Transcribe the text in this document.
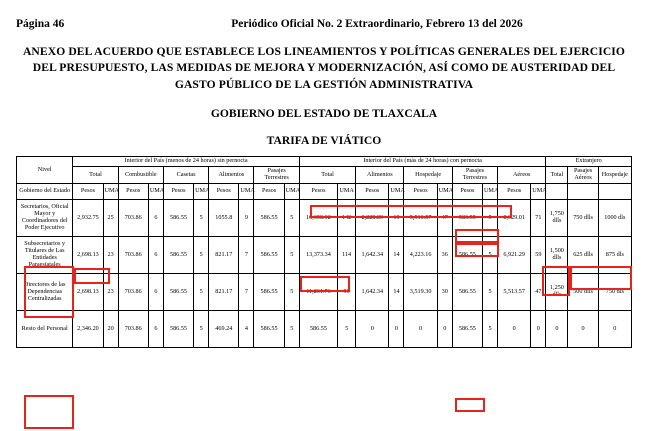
Página 46	Periódico Oficial No. 2 Extraordinario, Febrero 13 del 2026
ANEXO DEL ACUERDO QUE ESTABLECE LOS LINEAMIENTOS Y POLÍTICAS GENERALES DEL EJERCICIO DEL PRESUPUESTO, LAS MEDIDAS DE MEJORA Y MODERNIZACIÓN, ASÍ COMO DE AUSTERIDAD DEL GASTO PÚBLICO DE LA GESTIÓN ADMINISTRATIVA
GOBIERNO DEL ESTADO DE TLAXCALA
TARIFA DE VIÁTICO
Nivel	Interior del País (menos de 24 horas) sin pernocta										Interior del País (más de 24 horas) con pernocta										Extranjero		
	Total		Combustible		Casetas		Alimentos		Pasajes Terrestres		Total		Alimentos		Hospedaje		Pasajes Terrestres		Aéreos		Total	Pasajes Aéreos	Hospedaje
Gobierno del Estado	Pesos	UMA	Pesos	UMA	Pesos	UMA	Pesos	UMA	Pesos	UMA	Pesos	UMA	Pesos	UMA	Pesos	UMA	Pesos	UMA	Pesos	UMA			
Secretarios, Oficial Mayor y Coordinadores del Poder Ejecutivo	2,932.75	25	703.86	6	586.55	5	1055.8	9	586.55	5	16,658.02	142	2,228.89	19	5,513.57	47	586.55	5	8,329.01	71	1,750 dlls	750 dlls	1000 dls
Subsecretarios y Titulares de Las Entidades Paraestatales	2,698.13	23	703.86	6	586.55	5	821.17	7	586.55	5	13,373.34	114	1,642.34	14	4,223.16	36	586.55	5	6,921.29	59	1,500 dlls	625 dlls	875 dls
Directores de las Dependencias Centralizadas	2,698.13	23	703.86	6	586.55	5	821.17	7	586.55	5	11,261.76	96	1,642.34	14	3,519.30	30	586.55	5	5,513.57	47	1,250 dlls	500 dlls	750 dls
Resto del Personal	2,346.20	20	703.86	6	586.55	5	469.24	4	586.55	5	586.55	5	0	0	0	0	586.55	5	0	0	0	0	0
